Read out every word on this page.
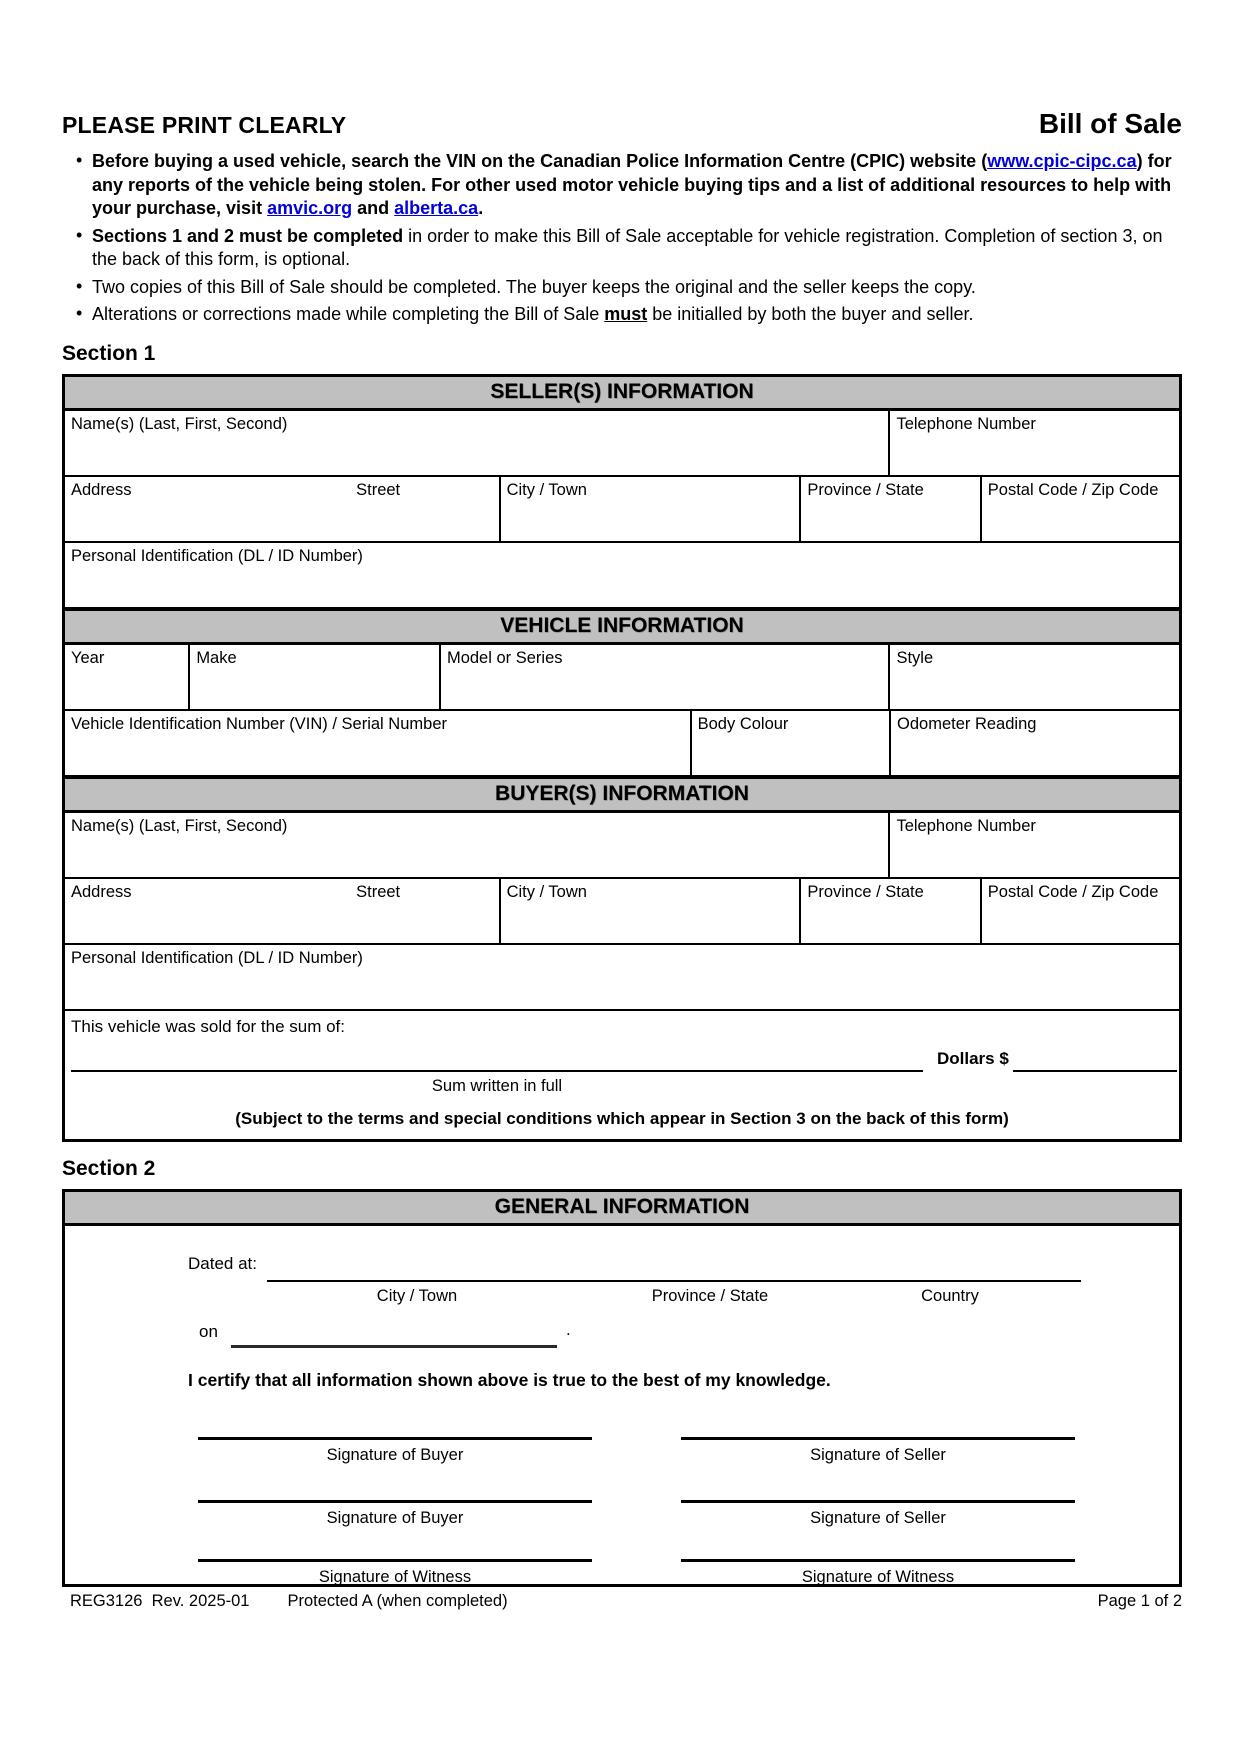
PLEASE PRINT CLEARLY	Bill of Sale
• Before buying a used vehicle, search the VIN on the Canadian Police Information Centre (CPIC) website (www.cpic-cipc.ca) for any reports of the vehicle being stolen. For other used motor vehicle buying tips and a list of additional resources to help with your purchase, visit amvic.org and alberta.ca.
• Sections 1 and 2 must be completed in order to make this Bill of Sale acceptable for vehicle registration. Completion of section 3, on the back of this form, is optional.
• Two copies of this Bill of Sale should be completed. The buyer keeps the original and the seller keeps the copy.
• Alterations or corrections made while completing the Bill of Sale must be initialled by both the buyer and seller.
Section 1
SELLER(S) INFORMATION
Name(s) (Last, First, Second)	Telephone Number
Address	Street	City / Town	Province / State	Postal Code / Zip Code
Personal Identification (DL / ID Number)
VEHICLE INFORMATION
Year	Make	Model or Series	Style
Vehicle Identification Number (VIN) / Serial Number	Body Colour	Odometer Reading
BUYER(S) INFORMATION
Name(s) (Last, First, Second)	Telephone Number
Address	Street	City / Town	Province / State	Postal Code / Zip Code
Personal Identification (DL / ID Number)
This vehicle was sold for the sum of:
Dollars $
Sum written in full
(Subject to the terms and special conditions which appear in Section 3 on the back of this form)
Section 2
GENERAL INFORMATION
Dated at:
City / Town	Province / State	Country
on	.
I certify that all information shown above is true to the best of my knowledge.
Signature of Buyer	Signature of Seller
Signature of Buyer	Signature of Seller
Signature of Witness	Signature of Witness
REG3126  Rev. 2025-01 Protected A (when completed)	Page 1 of 2
